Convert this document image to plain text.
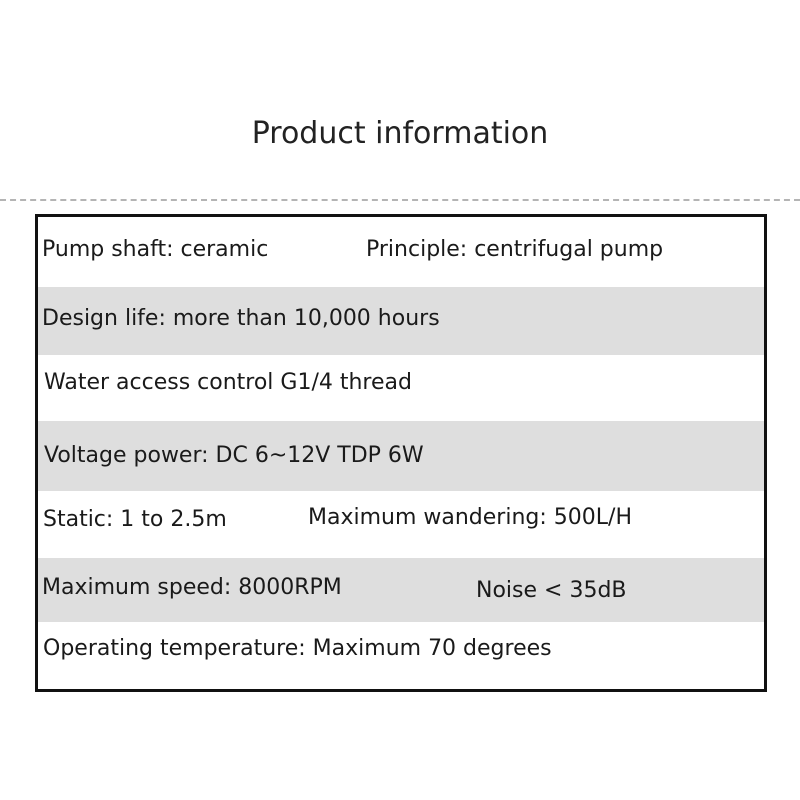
Product information
Pump shaft: ceramic	Principle: centrifugal pump
Design life: more than 10,000 hours
Water access control G1/4 thread
Voltage power: DC 6~12V TDP 6W
Static: 1 to 2.5m	Maximum wandering: 500L/H
Maximum speed: 8000RPM	Noise < 35dB
Operating temperature: Maximum 70 degrees
